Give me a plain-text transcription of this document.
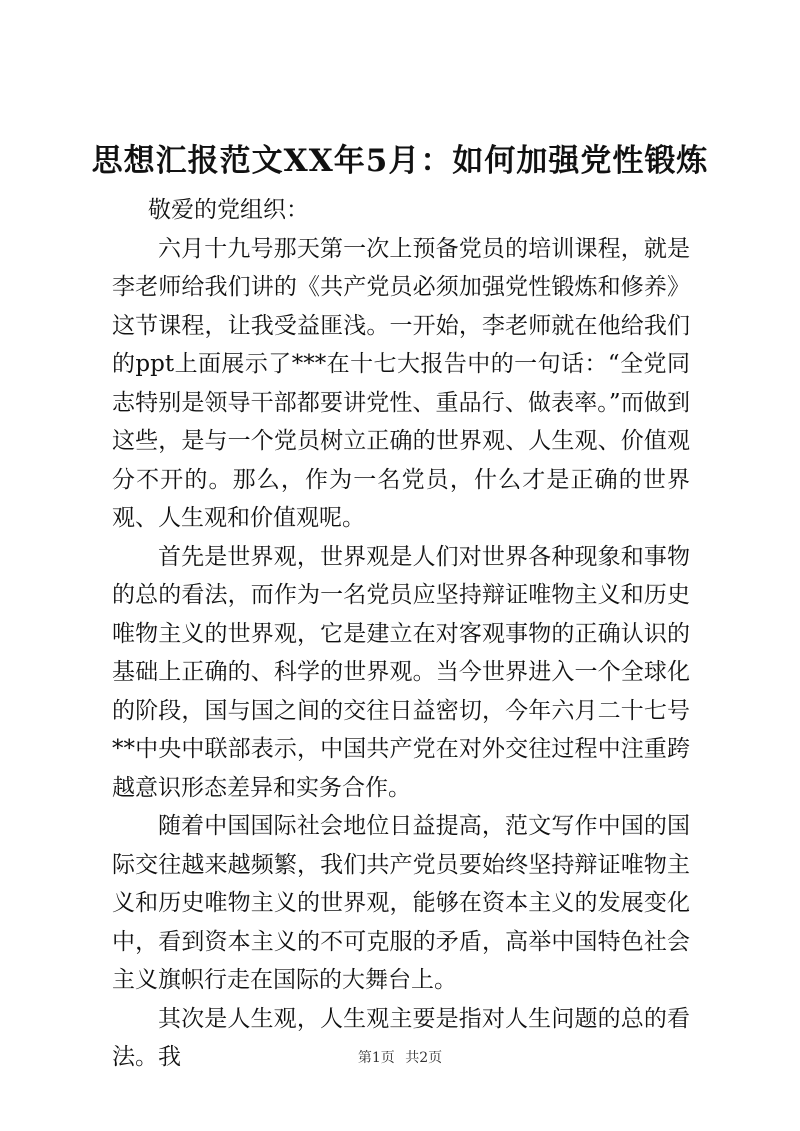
思想汇报范文XX年5月：如何加强党性锻炼

敬爱的党组织：

六月十九号那天第一次上预备党员的培训课程，就是李老师给我们讲的《共产党员必须加强党性锻炼和修养》这节课程，让我受益匪浅。一开始，李老师就在他给我们的ppt上面展示了***在十七大报告中的一句话：“全党同志特别是领导干部都要讲党性、重品行、做表率。”而做到这些，是与一个党员树立正确的世界观、人生观、价值观分不开的。那么，作为一名党员，什么才是正确的世界观、人生观和价值观呢。

首先是世界观，世界观是人们对世界各种现象和事物的总的看法，而作为一名党员应坚持辩证唯物主义和历史唯物主义的世界观，它是建立在对客观事物的正确认识的基础上正确的、科学的世界观。当今世界进入一个全球化的阶段，国与国之间的交往日益密切，今年六月二十七号**中央中联部表示，中国共产党在对外交往过程中注重跨越意识形态差异和实务合作。

随着中国国际社会地位日益提高，范文写作中国的国际交往越来越频繁，我们共产党员要始终坚持辩证唯物主义和历史唯物主义的世界观，能够在资本主义的发展变化中，看到资本主义的不可克服的矛盾，高举中国特色社会主义旗帜行走在国际的大舞台上。

其次是人生观，人生观主要是指对人生问题的总的看法。我	第1页 共2页
